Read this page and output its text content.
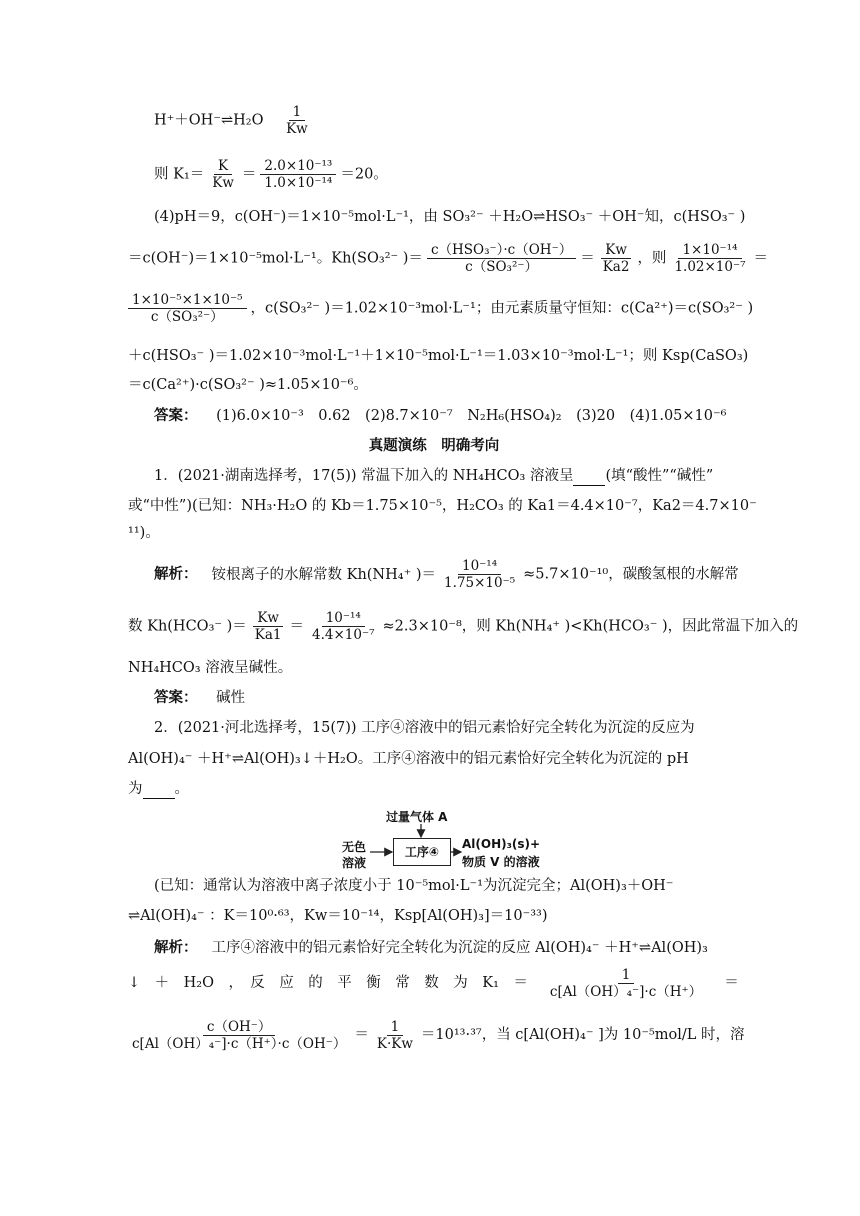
H⁺＋OH⁻⇌H₂O $\frac{1}{Kw}$
则 $K_1= \frac{K}{Kw} = \frac{\text{2.0×10⁻¹³}}{\text{1.0×10⁻¹⁴}} =20$。
(4)pH＝9，c(OH⁻)＝1×10⁻⁵mol·L⁻¹，由 SO₃²⁻ ＋H₂O⇌HSO₃⁻ ＋OH⁻知，c(HSO₃⁻ )
＝c(OH⁻)＝1×10⁻⁵mol·L⁻¹。Kh(SO₃²⁻ )＝ $\frac{\text{c（HSO₃⁻）·c（OH⁻）}}{\text{c（SO₃²⁻）}} = \frac{Kw}{Ka2}$ ，则 $\frac{\text{1×10⁻¹⁴}}{\text{1.02×10⁻⁷}}$ ＝
$\frac{\text{1×10⁻⁵×1×10⁻⁵}}{\text{c（SO₃²⁻）}}$ ，c(SO₃²⁻ )＝1.02×10⁻³mol·L⁻¹；由元素质量守恒知：c(Ca²⁺)＝c(SO₃²⁻ )
＋c(HSO₃⁻ )＝1.02×10⁻³mol·L⁻¹＋1×10⁻⁵mol·L⁻¹＝1.03×10⁻³mol·L⁻¹；则 Ksp(CaSO₃)
＝c(Ca²⁺)·c(SO₃²⁻ )≈1.05×10⁻⁶。
答案： (1)6.0×10⁻³　0.62　(2)8.7×10⁻⁷　N₂H₆(HSO₄)₂　(3)20　(4)1.05×10⁻⁶
真题演练　明确考向
1．(2021·湖南选择考，17(5)) 常温下加入的 NH₄HCO₃ 溶液呈 (填“酸性”“碱性”
或“中性”)(已知：NH₃·H₂O 的 Kb＝1.75×10⁻⁵，H₂CO₃ 的 Ka1＝4.4×10⁻⁷，Ka2＝4.7×10⁻
¹¹)。
解析： 铵根离子的水解常数 Kh(NH₄⁺ )＝ $\frac{\text{10⁻¹⁴}}{\text{1.75×10⁻⁵}} \approx 5.7\times 10^{-10}$，碳酸氢根的水解常
数 Kh(HCO₃⁻ )＝ $\frac{Kw}{Ka1} = \frac{\text{10⁻¹⁴}}{\text{4.4×10⁻⁷}} \approx 2.3\times 10^{-8}$，则 Kh(NH₄⁺ )<Kh(HCO₃⁻ )，因此常温下加入的
NH₄HCO₃ 溶液呈碱性。
答案： 碱性
2．(2021·河北选择考，15(7)) 工序④溶液中的铝元素恰好完全转化为沉淀的反应为
Al(OH)₄⁻ ＋H⁺⇌Al(OH)₃↓＋H₂O。工序④溶液中的铝元素恰好完全转化为沉淀的 pH
为 。
过量气体 A
无色
溶液
工序④
Al(OH)₃(s)+
物质 V 的溶液
(已知：通常认为溶液中离子浓度小于 10⁻⁵mol·L⁻¹为沉淀完全；Al(OH)₃＋OH⁻
⇌Al(OH)₄⁻ ：K＝10⁰·⁶³，Kw＝10⁻¹⁴，Ksp[Al(OH)₃]＝10⁻³³)
解析： 工序④溶液中的铝元素恰好完全转化为沉淀的反应 Al(OH)₄⁻ ＋H⁺⇌Al(OH)₃
↓　＋　H₂O　，　反　应　的　平　衡　常　数　为　K₁　＝ $\frac{1}{\text{c[Al（OH）₄⁻]·c（H⁺）}}$ ＝
$\frac{c(OH^-)}{\text{c[Al（OH）₄⁻]·c（H⁺）·c（OH⁻）}} = \frac{1}{K\cdot Kw} =10^{13}\cdot^{37}$，当 c[Al(OH)₄⁻ ]为 10⁻⁵mol/L 时，溶
